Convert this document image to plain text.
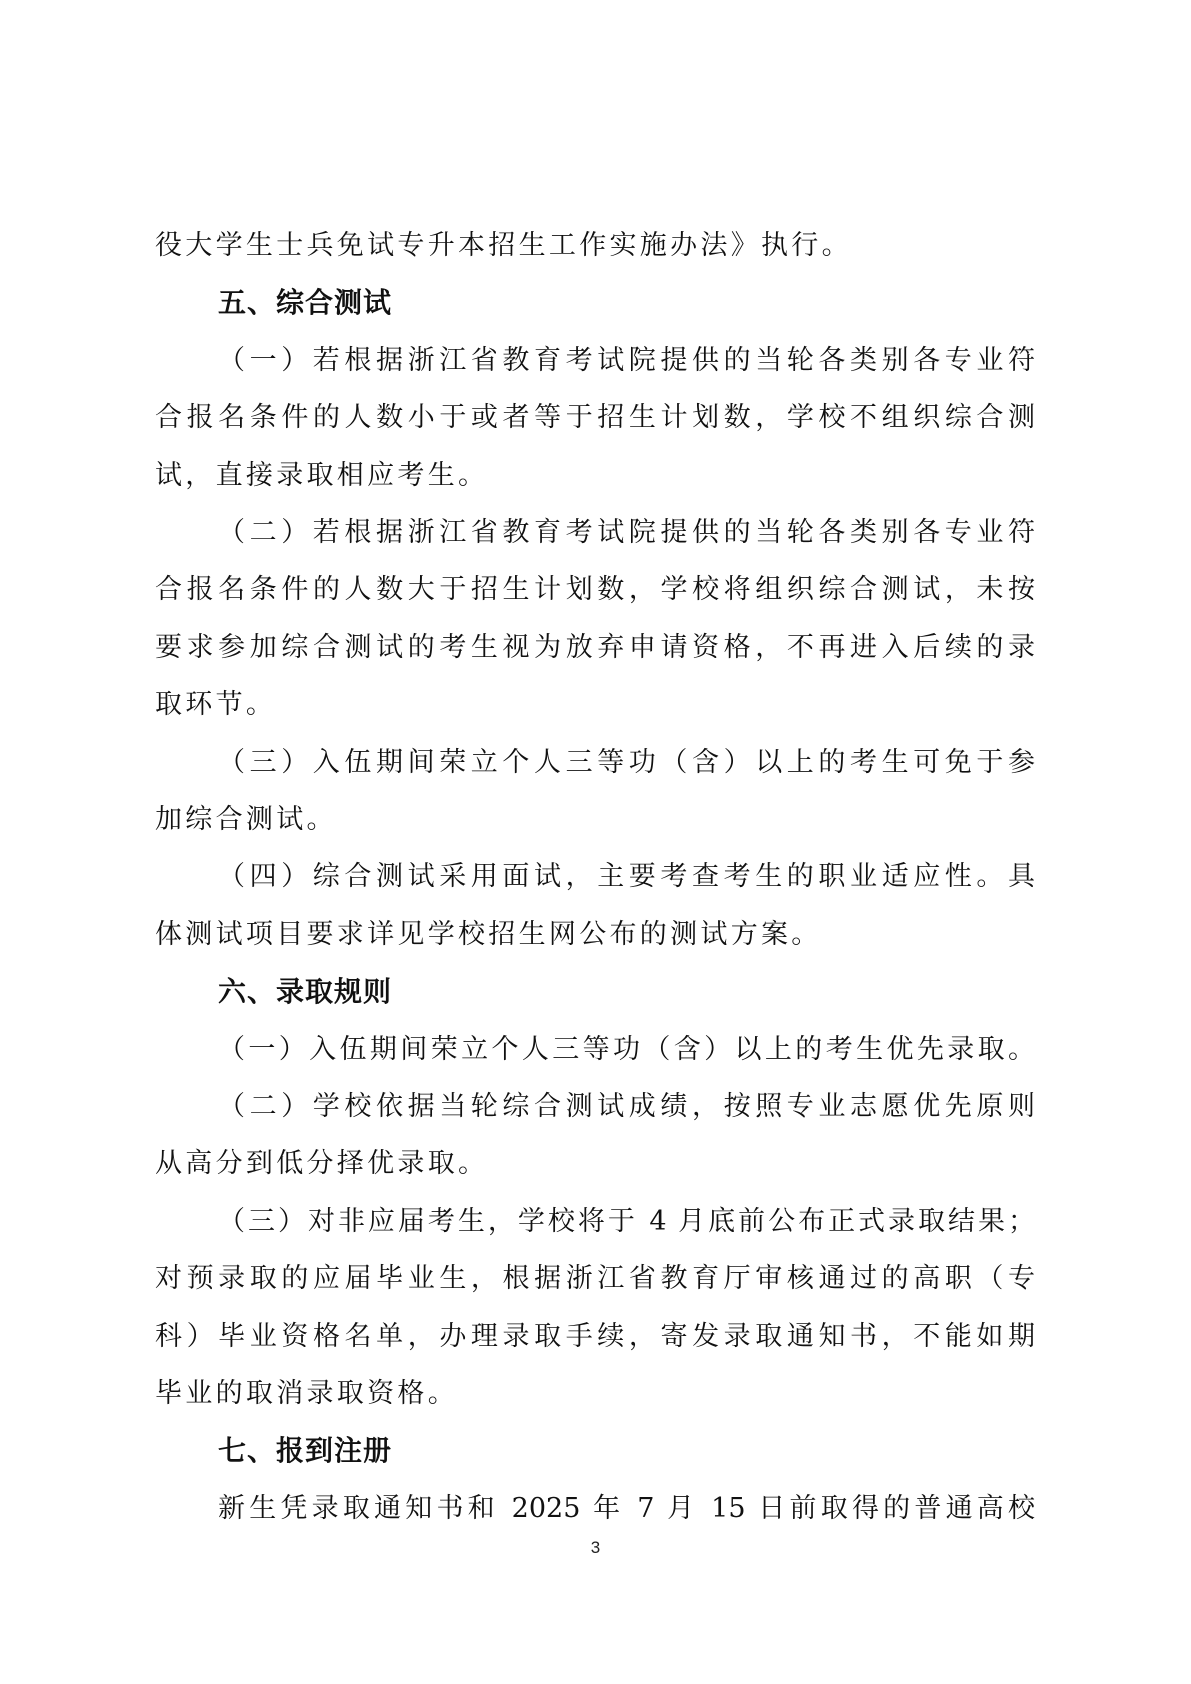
役大学生士兵免试专升本招生工作实施办法》执行。
五、综合测试
（一）若根据浙江省教育考试院提供的当轮各类别各专业符
合报名条件的人数小于或者等于招生计划数，学校不组织综合测
试，直接录取相应考生。
（二）若根据浙江省教育考试院提供的当轮各类别各专业符
合报名条件的人数大于招生计划数，学校将组织综合测试，未按
要求参加综合测试的考生视为放弃申请资格，不再进入后续的录
取环节。
（三）入伍期间荣立个人三等功（含）以上的考生可免于参
加综合测试。
（四）综合测试采用面试，主要考查考生的职业适应性。具
体测试项目要求详见学校招生网公布的测试方案。
六、录取规则
（一）入伍期间荣立个人三等功（含）以上的考生优先录取。
（二）学校依据当轮综合测试成绩，按照专业志愿优先原则
从高分到低分择优录取。
（三）对非应届考生，学校将于 4 月底前公布正式录取结果；
对预录取的应届毕业生，根据浙江省教育厅审核通过的高职（专
科）毕业资格名单，办理录取手续，寄发录取通知书，不能如期
毕业的取消录取资格。
七、报到注册
新生凭录取通知书和 2025 年 7 月 15 日前取得的普通高校
3
